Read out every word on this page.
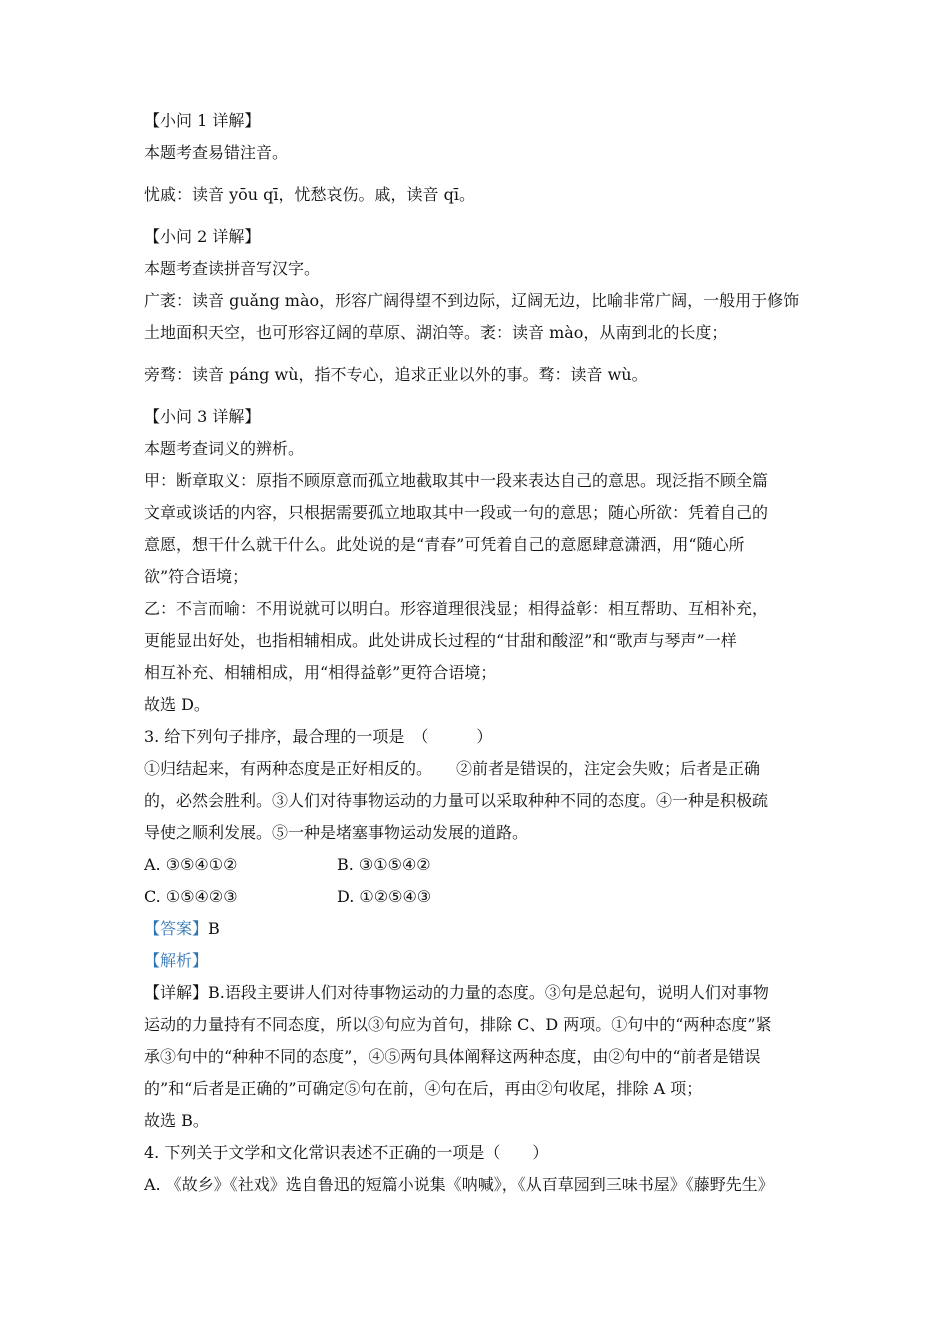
【小问 1 详解】

本题考查易错注音。

忧戚：读音 yōu qī，忧愁哀伤。戚，读音 qī。

【小问 2 详解】

本题考查读拼音写汉字。

广袤：读音 guǎng mào，形容广阔得望不到边际，辽阔无边，比喻非常广阔，一般用于修饰

土地面积天空，也可形容辽阔的草原、湖泊等。袤：读音 mào，从南到北的长度；

旁骛：读音 páng wù，指不专心，追求正业以外的事。骛：读音 wù。

【小问 3 详解】

本题考查词义的辨析。

甲：断章取义：原指不顾原意而孤立地截取其中一段来表达自己的意思。现泛指不顾全篇

文章或谈话的内容，只根据需要孤立地取其中一段或一句的意思；随心所欲：凭着自己的

意愿，想干什么就干什么。此处说的是“青春”可凭着自己的意愿肆意潇洒，用“随心所

欲”符合语境；

乙：不言而喻：不用说就可以明白。形容道理很浅显；相得益彰：相互帮助、互相补充，

更能显出好处，也指相辅相成。此处讲成长过程的“甘甜和酸涩”和“歌声与琴声”一样

相互补充、相辅相成，用“相得益彰”更符合语境；

故选 D。

3. 给下列句子排序，最合理的一项是　（　　　）

①归结起来，有两种态度是正好相反的。　　②前者是错误的，注定会失败；后者是正确

的，必然会胜利。③人们对待事物运动的力量可以采取种种不同的态度。④一种是积极疏

导使之顺利发展。⑤一种是堵塞事物运动发展的道路。

A. ③⑤④①②	B. ③①⑤④②
C. ①⑤④②③	D. ①②⑤④③

【答案】B

【解析】

【详解】B.语段主要讲人们对待事物运动的力量的态度。③句是总起句，说明人们对事物

运动的力量持有不同态度，所以③句应为首句，排除 C、D 两项。①句中的“两种态度”紧

承③句中的“种种不同的态度”，④⑤两句具体阐释这两种态度，由②句中的“前者是错误

的”和“后者是正确的”可确定⑤句在前，④句在后，再由②句收尾，排除 A 项；

故选 B。

4. 下列关于文学和文化常识表述不正确的一项是（　　）

A. 《故乡》《社戏》选自鲁迅的短篇小说集《呐喊》，《从百草园到三味书屋》《藤野先生》
